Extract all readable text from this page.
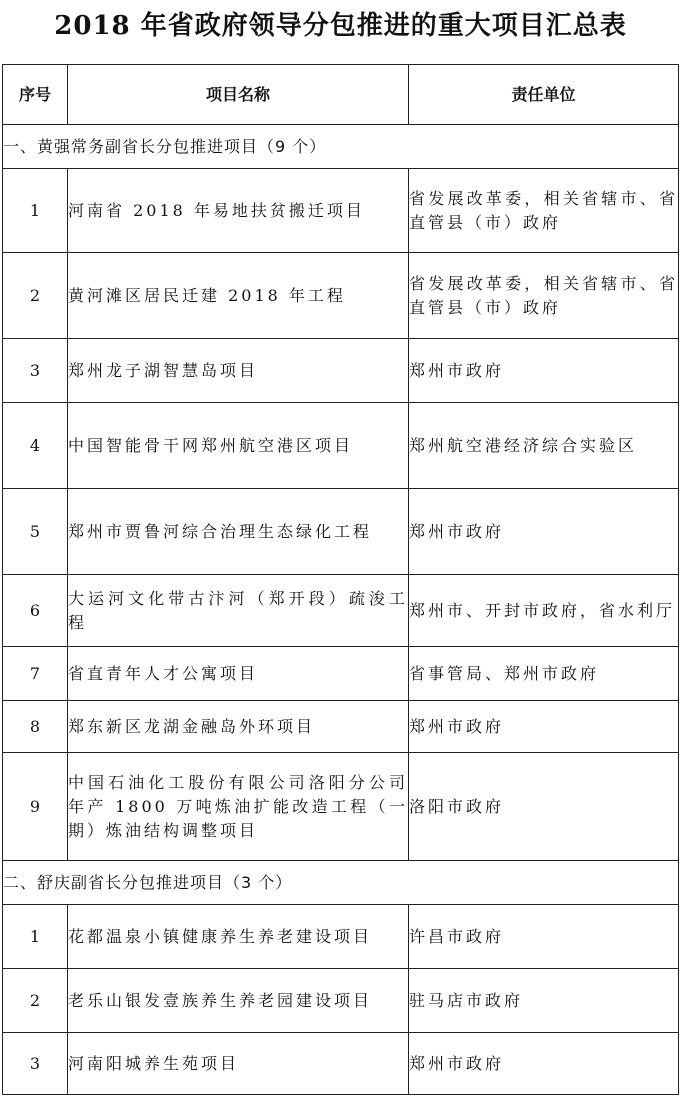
2018 年省政府领导分包推进的重大项目汇总表
序号	项目名称	责任单位
一、黄强常务副省长分包推进项目（9 个）		
1	河南省 2018 年易地扶贫搬迁项目	省发展改革委，相关省辖市、省直管县（市）政府
2	黄河滩区居民迁建 2018 年工程	省发展改革委，相关省辖市、省直管县（市）政府
3	郑州龙子湖智慧岛项目	郑州市政府
4	中国智能骨干网郑州航空港区项目	郑州航空港经济综合实验区
5	郑州市贾鲁河综合治理生态绿化工程	郑州市政府
6	大运河文化带古汴河（郑开段）疏浚工程	郑州市、开封市政府，省水利厅
7	省直青年人才公寓项目	省事管局、郑州市政府
8	郑东新区龙湖金融岛外环项目	郑州市政府
9	中国石油化工股份有限公司洛阳分公司年产 1800 万吨炼油扩能改造工程（一期）炼油结构调整项目	洛阳市政府
二、舒庆副省长分包推进项目（3 个）		
1	花都温泉小镇健康养生养老建设项目	许昌市政府
2	老乐山银发壹族养生养老园建设项目	驻马店市政府
3	河南阳城养生苑项目	郑州市政府
